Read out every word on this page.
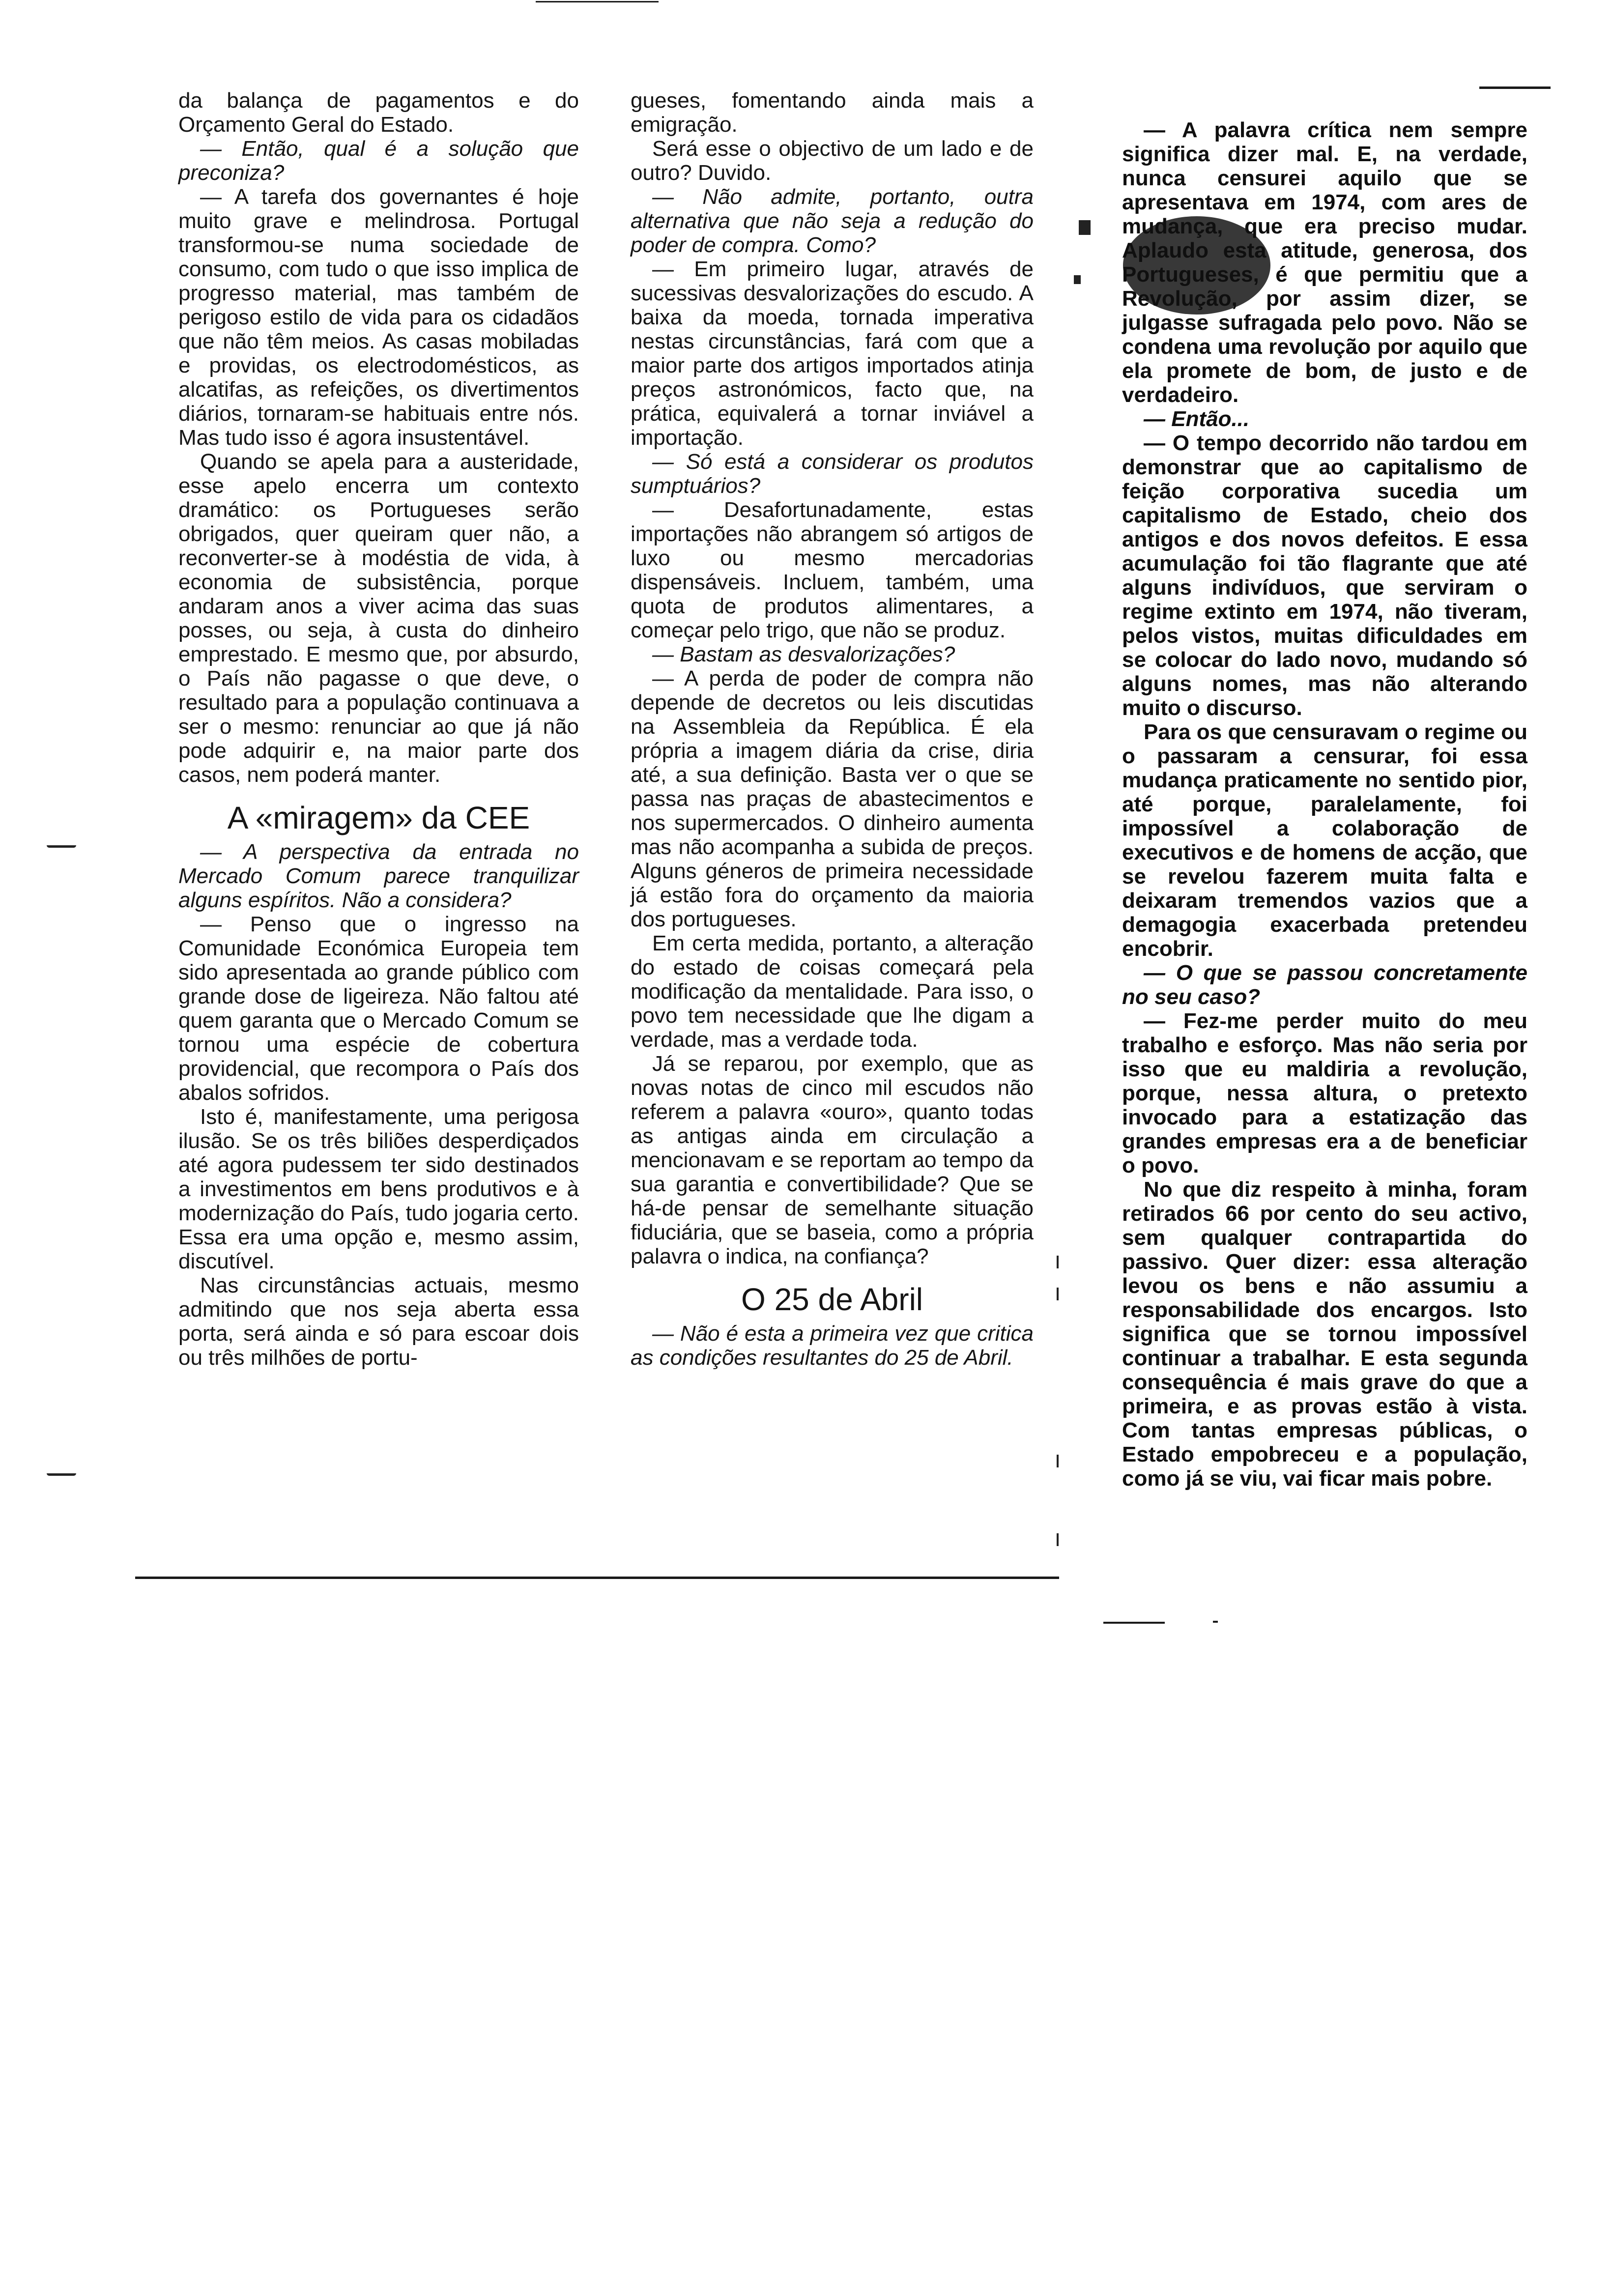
da balança de pagamentos e do Orçamento Geral do Estado.

— Então, qual é a solução que preconiza?

— A tarefa dos governantes é hoje muito grave e melindrosa. Portugal transformou-se numa sociedade de consumo, com tudo o que isso implica de progresso material, mas também de perigoso estilo de vida para os cidadãos que não têm meios. As casas mobiladas e providas, os electrodomésticos, as alcatifas, as refeições, os divertimentos diários, tornaram-se habituais entre nós. Mas tudo isso é agora insustentável.

Quando se apela para a austeridade, esse apelo encerra um contexto dramático: os Portugueses serão obrigados, quer queiram quer não, a reconverter-se à modéstia de vida, à economia de subsistência, porque andaram anos a viver acima das suas posses, ou seja, à custa do dinheiro emprestado. E mesmo que, por absurdo, o País não pagasse o que deve, o resultado para a população continuava a ser o mesmo: renunciar ao que já não pode adquirir e, na maior parte dos casos, nem poderá manter.

A «miragem» da CEE

— A perspectiva da entrada no Mercado Comum parece tranquilizar alguns espíritos. Não a considera?

— Penso que o ingresso na Comunidade Económica Europeia tem sido apresentada ao grande público com grande dose de ligeireza. Não faltou até quem garanta que o Mercado Comum se tornou uma espécie de cobertura providencial, que recompora o País dos abalos sofridos.

Isto é, manifestamente, uma perigosa ilusão. Se os três biliões desperdiçados até agora pudessem ter sido destinados a investimentos em bens produtivos e à modernização do País, tudo jogaria certo. Essa era uma opção e, mesmo assim, discutível.

Nas circunstâncias actuais, mesmo admitindo que nos seja aberta essa porta, será ainda e só para escoar dois ou três milhões de portu-

gueses, fomentando ainda mais a emigração.

Será esse o objectivo de um lado e de outro? Duvido.

— Não admite, portanto, outra alternativa que não seja a redução do poder de compra. Como?

— Em primeiro lugar, através de sucessivas desvalorizações do escudo. A baixa da moeda, tornada imperativa nestas circunstâncias, fará com que a maior parte dos artigos importados atinja preços astronómicos, facto que, na prática, equivalerá a tornar inviável a importação.

— Só está a considerar os produtos sumptuários?

— Desafortunadamente, estas importações não abrangem só artigos de luxo ou mesmo mercadorias dispensáveis. Incluem, também, uma quota de produtos alimentares, a começar pelo trigo, que não se produz.

— Bastam as desvalorizações?

— A perda de poder de compra não depende de decretos ou leis discutidas na Assembleia da República. É ela própria a imagem diária da crise, diria até, a sua definição. Basta ver o que se passa nas praças de abastecimentos e nos supermercados. O dinheiro aumenta mas não acompanha a subida de preços. Alguns géneros de primeira necessidade já estão fora do orçamento da maioria dos portugueses.

Em certa medida, portanto, a alteração do estado de coisas começará pela modificação da mentalidade. Para isso, o povo tem necessidade que lhe digam a verdade, mas a verdade toda.

Já se reparou, por exemplo, que as novas notas de cinco mil escudos não referem a palavra «ouro», quanto todas as antigas ainda em circulação a mencionavam e se reportam ao tempo da sua garantia e convertibilidade? Que se há-de pensar de semelhante situação fiduciária, que se baseia, como a própria palavra o indica, na confiança?

O 25 de Abril

— Não é esta a primeira vez que critica as condições resultantes do 25 de Abril.

— A palavra crítica nem sempre significa dizer mal. E, na verdade, nunca censurei aquilo que se apresentava em 1974, com ares de mudança, que era preciso mudar. Aplaudo esta atitude, generosa, dos Portugueses, é que permitiu que a Revolução, por assim dizer, se julgasse sufragada pelo povo. Não se condena uma revolução por aquilo que ela promete de bom, de justo e de verdadeiro.

— Então...

— O tempo decorrido não tardou em demonstrar que ao capitalismo de feição corporativa sucedia um capitalismo de Estado, cheio dos antigos e dos novos defeitos. E essa acumulação foi tão flagrante que até alguns indivíduos, que serviram o regime extinto em 1974, não tiveram, pelos vistos, muitas dificuldades em se colocar do lado novo, mudando só alguns nomes, mas não alterando muito o discurso.

Para os que censuravam o regime ou o passaram a censurar, foi essa mudança praticamente no sentido pior, até porque, paralelamente, foi impossível a colaboração de executivos e de homens de acção, que se revelou fazerem muita falta e deixaram tremendos vazios que a demagogia exacerbada pretendeu encobrir.

— O que se passou concretamente no seu caso?

— Fez-me perder muito do meu trabalho e esforço. Mas não seria por isso que eu maldiria a revolução, porque, nessa altura, o pretexto invocado para a estatização das grandes empresas era a de beneficiar o povo.

No que diz respeito à minha, foram retirados 66 por cento do seu activo, sem qualquer contrapartida do passivo. Quer dizer: essa alteração levou os bens e não assumiu a responsabilidade dos encargos. Isto significa que se tornou impossível continuar a trabalhar. E esta segunda consequência é mais grave do que a primeira, e as provas estão à vista. Com tantas empresas públicas, o Estado empobreceu e a população, como já se viu, vai ficar mais pobre.
